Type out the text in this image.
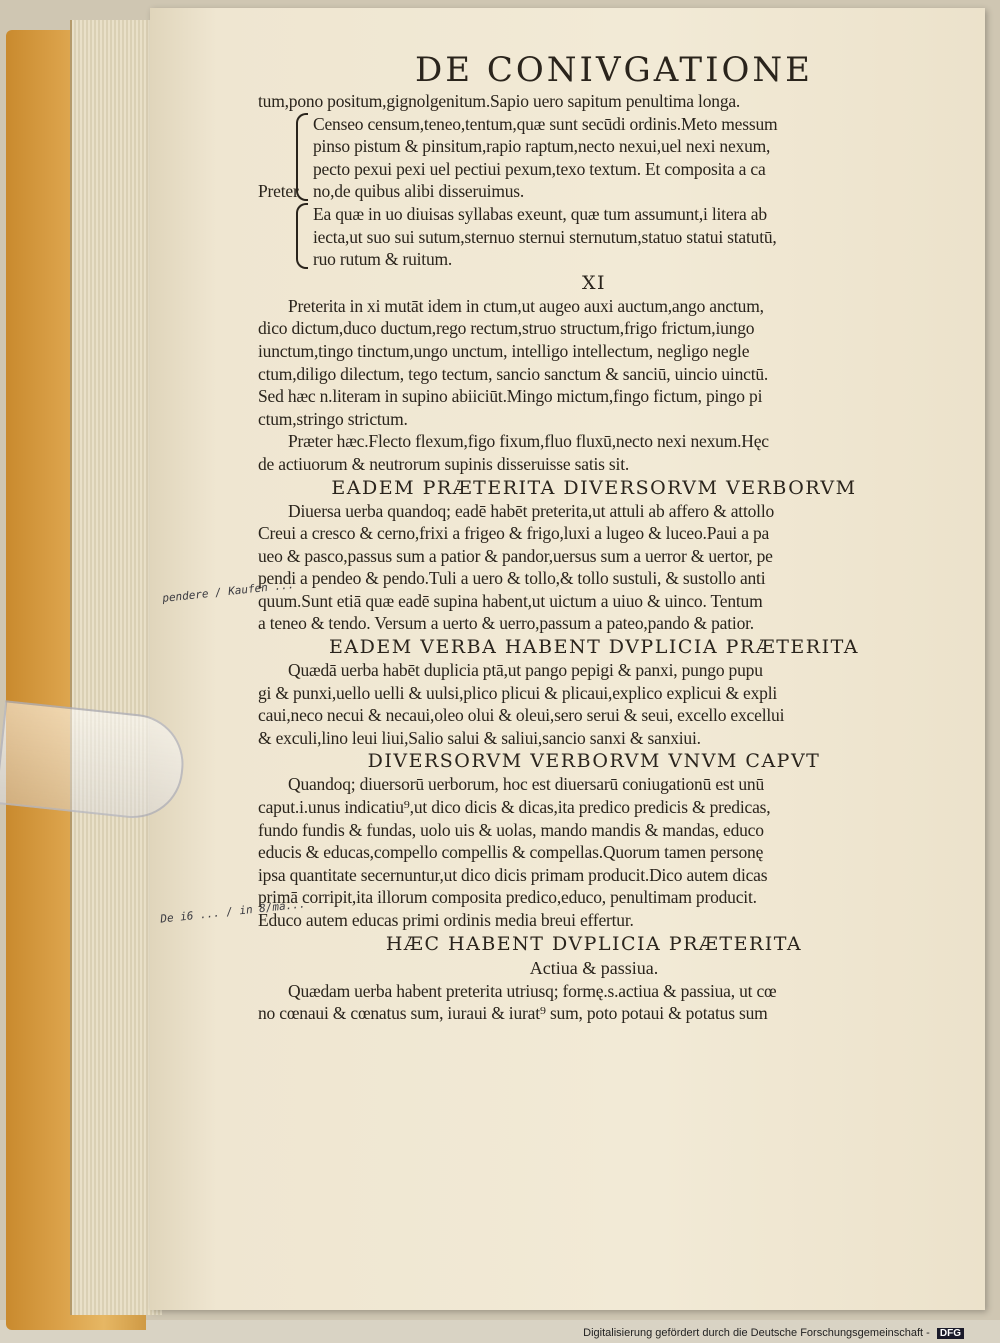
pendere / Kaufen ...
De i6 ... / in 8/ma...
DE CONIVGATIONE
tum,pono positum,gignolgenitum.Sapio uero sapitum penultima longa.
Censeo censum,teneo,tentum,quæ sunt secūdi ordinis.Meto messum
pinso pistum & pinsitum,rapio raptum,necto nexui,uel nexi nexum,
pecto pexui pexi uel pectiui pexum,texo textum. Et composita a ca
Preter no,de quibus alibi disseruimus.
Ea quæ in uo diuisas syllabas exeunt, quæ tum assumunt,i litera ab
iecta,ut suo sui sutum,sternuo sternui sternutum,statuo statui statutū,
ruo rutum & ruitum.
XI
Preterita in xi mutāt idem in ctum,ut augeo auxi auctum,ango anctum,
dico dictum,duco ductum,rego rectum,struo structum,frigo frictum,iungo
iunctum,tingo tinctum,ungo unctum, intelligo intellectum, negligo negle
ctum,diligo dilectum, tego tectum, sancio sanctum & sanciū, uincio uinctū.
Sed hæc n.literam in supino abiiciūt.Mingo mictum,fingo fictum, pingo pi
ctum,stringo strictum.
Præter hæc.Flecto flexum,figo fixum,fluo fluxū,necto nexi nexum.Hęc
de actiuorum & neutrorum supinis disseruisse satis sit.
EADEM PRÆTERITA DIVERSORVM VERBORVM
Diuersa uerba quandoq; eadē habēt preterita,ut attuli ab affero & attollo
Creui a cresco & cerno,frixi a frigeo & frigo,luxi a lugeo & luceo.Paui a pa
ueo & pasco,passus sum a patior & pandor,uersus sum a uerror & uertor, pe
pendi a pendeo & pendo.Tuli a uero & tollo,& tollo sustuli, & sustollo anti
quum.Sunt etiā quæ eadē supina habent,ut uictum a uiuo & uinco. Tentum
a teneo & tendo. Versum a uerto & uerro,passum a pateo,pando & patior.
EADEM VERBA HABENT DVPLICIA PRÆTERITA
Quædā uerba habēt duplicia ptā,ut pango pepigi & panxi, pungo pupu
gi & punxi,uello uelli & uulsi,plico plicui & plicaui,explico explicui & expli
caui,neco necui & necaui,oleo olui & oleui,sero serui & seui, excello excellui
& exculi,lino leui liui,Salio salui & saliui,sancio sanxi & sanxiui.
DIVERSORVM VERBORVM VNVM CAPVT
Quandoq; diuersorū uerborum, hoc est diuersarū coniugationū est unū
caput.i.unus indicatiu⁹,ut dico dicis & dicas,ita predico predicis & predicas,
fundo fundis & fundas, uolo uis & uolas, mando mandis & mandas, educo
educis & educas,compello compellis & compellas.Quorum tamen personę
ipsa quantitate secernuntur,ut dico dicis primam producit.Dico autem dicas
primā corripit,ita illorum composita predico,educo, penultimam producit.
Educo autem educas primi ordinis media breui effertur.
HÆC HABENT DVPLICIA PRÆTERITA
Actiua & passiua.
Quædam uerba habent preterita utriusq; formę.s.actiua & passiua, ut cœ
no cœnaui & cœnatus sum, iuraui & iurat⁹ sum, poto potaui & potatus sum
Digitalisierung gefördert durch die Deutsche Forschungsgemeinschaft - DFG
